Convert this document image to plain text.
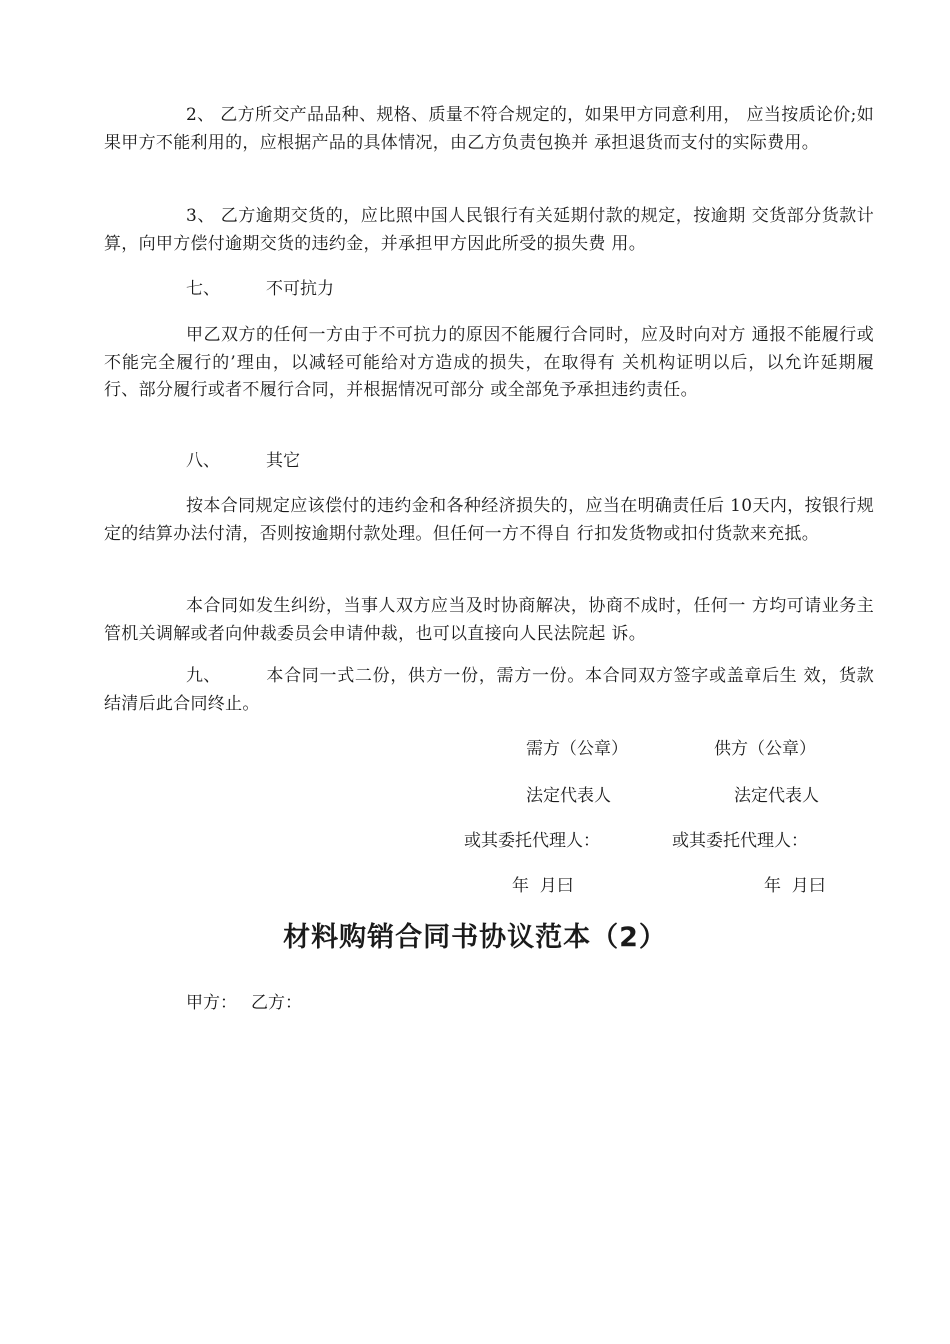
2、 乙方所交产品品种、规格、质量不符合规定的，如果甲方同意利用， 应当按质论价;如果甲方不能利用的，应根据产品的具体情况，由乙方负责包换并 承担退货而支付的实际费用。

3、 乙方逾期交货的，应比照中国人民银行有关延期付款的规定，按逾期 交货部分货款计算，向甲方偿付逾期交货的违约金，并承担甲方因此所受的损失费 用。

七、	不可抗力

甲乙双方的任何一方由于不可抗力的原因不能履行合同时，应及时向对方 通报不能履行或不能完全履行的’理由，以减轻可能给对方造成的损失，在取得有 关机构证明以后，以允许延期履行、部分履行或者不履行合同，并根据情况可部分 或全部免予承担违约责任。

八、	其它

按本合同规定应该偿付的违约金和各种经济损失的，应当在明确责任后 10天内，按银行规定的结算办法付清，否则按逾期付款处理。但任何一方不得自 行扣发货物或扣付货款来充抵。

本合同如发生纠纷，当事人双方应当及时协商解决，协商不成时，任何一 方均可请业务主管机关调解或者向仲裁委员会申请仲裁，也可以直接向人民法院起 诉。

九、	本合同一式二份，供方一份，需方一份。本合同双方签字或盖章后生 效，货款结清后此合同终止。

需方（公章）	供方（公章）
法定代表人	法定代表人
或其委托代理人：	或其委托代理人：
年  月曰	年  月曰
材料购销合同书协议范本（2）
甲方： 乙方：
